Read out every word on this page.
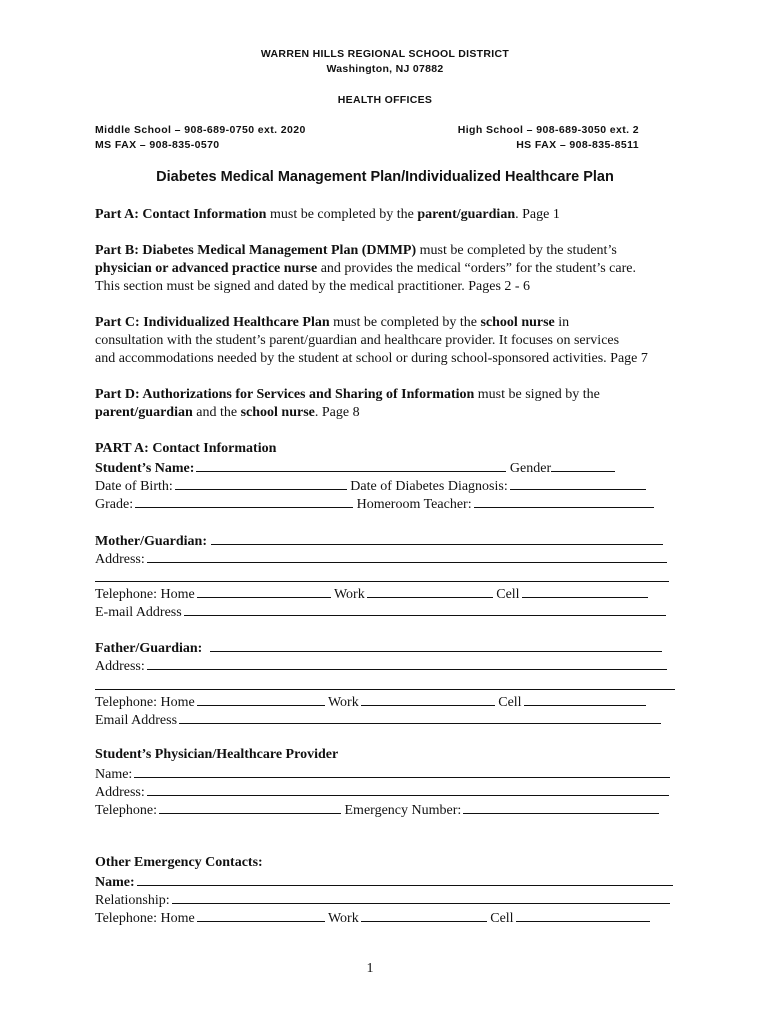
WARREN HILLS REGIONAL SCHOOL DISTRICT
Washington, NJ 07882
HEALTH OFFICES
Middle School – 908-689-0750 ext. 2020
MS FAX – 908-835-0570
High School – 908-689-3050 ext. 2
HS FAX – 908-835-8511
Diabetes Medical Management Plan/Individualized Healthcare Plan
Part A: Contact Information must be completed by the parent/guardian. Page 1
Part B: Diabetes Medical Management Plan (DMMP) must be completed by the student’s
physician or advanced practice nurse and provides the medical “orders” for the student’s care.
This section must be signed and dated by the medical practitioner. Pages 2 - 6
Part C: Individualized Healthcare Plan must be completed by the school nurse in
consultation with the student’s parent/guardian and healthcare provider. It focuses on services
and accommodations needed by the student at school or during school-sponsored activities. Page 7
Part D: Authorizations for Services and Sharing of Information must be signed by the
parent/guardian and the school nurse. Page 8
PART A: Contact Information
Student’s Name:	Gender
Date of Birth:	Date of Diabetes Diagnosis:
Grade:	Homeroom Teacher:
Mother/Guardian:
Address:
Telephone: Home	Work	Cell
E-mail Address
Father/Guardian:
Address:
Telephone: Home	Work	Cell
Email Address
Student’s Physician/Healthcare Provider
Name:
Address:
Telephone:	Emergency Number:
Other Emergency Contacts:
Name:
Relationship:
Telephone: Home	Work	Cell
1
